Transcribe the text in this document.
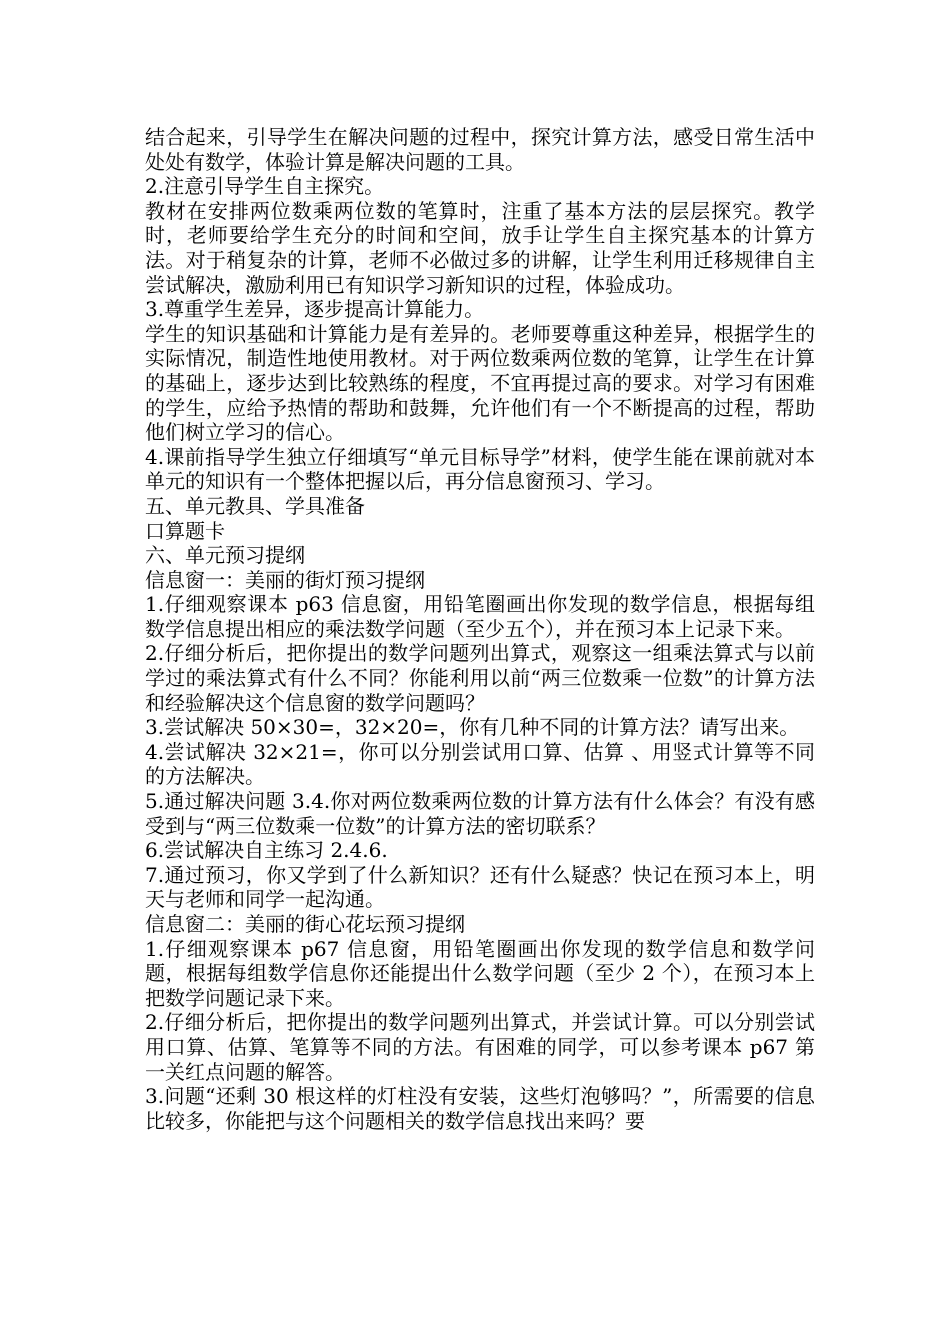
结合起来，引导学生在解决问题的过程中，探究计算方法，感受日常生活中处处有数学，体验计算是解决问题的工具。

2.注意引导学生自主探究。

教材在安排两位数乘两位数的笔算时，注重了基本方法的层层探究。教学时，老师要给学生充分的时间和空间，放手让学生自主探究基本的计算方法。对于稍复杂的计算，老师不必做过多的讲解，让学生利用迁移规律自主尝试解决，激励利用已有知识学习新知识的过程，体验成功。

3.尊重学生差异，逐步提高计算能力。

学生的知识基础和计算能力是有差异的。老师要尊重这种差异，根据学生的实际情况，制造性地使用教材。对于两位数乘两位数的笔算，让学生在计算的基础上，逐步达到比较熟练的程度，不宜再提过高的要求。对学习有困难的学生，应给予热情的帮助和鼓舞，允许他们有一个不断提高的过程，帮助他们树立学习的信心。

4.课前指导学生独立仔细填写“单元目标导学”材料，使学生能在课前就对本单元的知识有一个整体把握以后，再分信息窗预习、学习。

五、单元教具、学具准备

口算题卡

六、单元预习提纲

信息窗一：美丽的街灯预习提纲

1.仔细观察课本 p63 信息窗，用铅笔圈画出你发现的数学信息，根据每组数学信息提出相应的乘法数学问题（至少五个），并在预习本上记录下来。

2.仔细分析后，把你提出的数学问题列出算式，观察这一组乘法算式与以前学过的乘法算式有什么不同？你能利用以前“两三位数乘一位数”的计算方法和经验解决这个信息窗的数学问题吗？

3.尝试解决 50×30=，32×20=，你有几种不同的计算方法？请写出来。

4.尝试解决 32×21=，你可以分别尝试用口算、估算 、用竖式计算等不同的方法解决。

5.通过解决问题 3.4.你对两位数乘两位数的计算方法有什么体会？有没有感受到与“两三位数乘一位数”的计算方法的密切联系？

6.尝试解决自主练习 2.4.6.

7.通过预习，你又学到了什么新知识？还有什么疑惑？快记在预习本上，明天与老师和同学一起沟通。

信息窗二：美丽的街心花坛预习提纲

1.仔细观察课本 p67 信息窗，用铅笔圈画出你发现的数学信息和数学问题，根据每组数学信息你还能提出什么数学问题（至少 2 个），在预习本上把数学问题记录下来。

2.仔细分析后，把你提出的数学问题列出算式，并尝试计算。可以分别尝试用口算、估算、笔算等不同的方法。有困难的同学，可以参考课本 p67 第一关红点问题的解答。

3.问题“还剩 30 根这样的灯柱没有安装，这些灯泡够吗？”，所需要的信息比较多，你能把与这个问题相关的数学信息找出来吗？要
